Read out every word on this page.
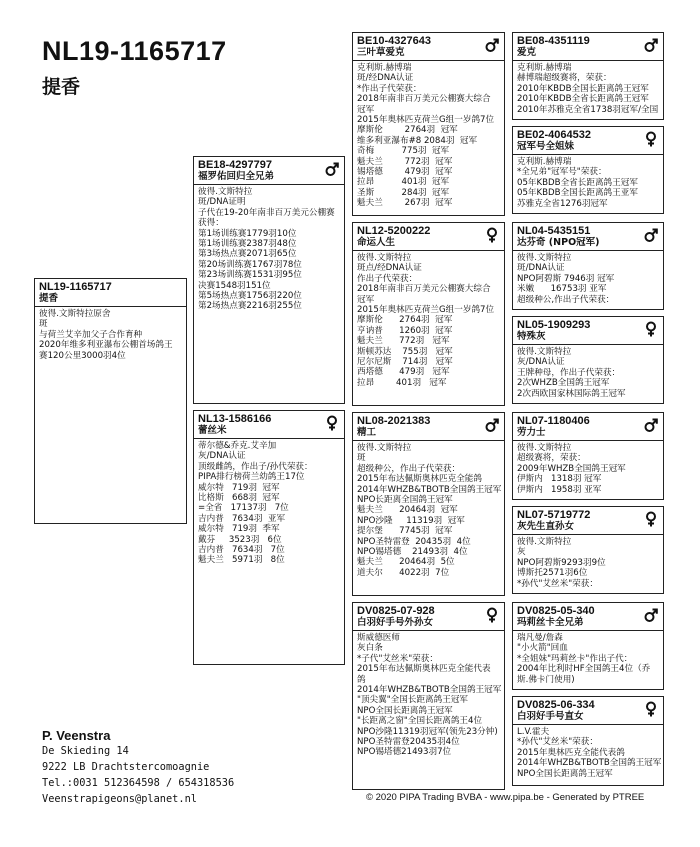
NL19-1165717
提香
NL19-1165717
提香
彼得.文斯特拉原舍
斑
与荷兰艾辛加父子合作育种
2020年维多利亚瀑布公棚首场鸽王
赛120公里3000羽4位
BE18-4297797
福罗佑回归全兄弟
彼得.文斯特拉
斑/DNA证明
子代在19-20年南非百万美元公棚赛
获得：
第1场训练赛1779羽10位
第1场训练赛2387羽48位
第3场热点赛2071羽65位
第20场训练赛1767羽78位
第23场训练赛1531羽95位
决赛1548羽151位
第5场热点赛1756羽220位
第2场热点赛2216羽255位
NL13-1586166
蕾丝米
蒂尔德&乔克.艾辛加
灰/DNA认证
顶级雌鸽，作出子/孙代荣获：
PIPA排行榜荷兰幼鸽王17位
威尔特   719羽  冠军
比格斯   668羽  冠军
=全省   17137羽   7位
吉内普   7634羽  亚军
威尔特   719羽  季军
戴芬     3523羽   6位
吉内普   7634羽   7位
魁夫兰   5971羽   8位
BE10-4327643
三叶草爱克
克利斯.赫博瑞
斑/经DNA认证
*作出子代荣获：
2018年南非百万美元公棚赛大综合
冠军
2015年奥林匹克荷兰G组一岁鸽7位
摩斯伦        2764羽  冠军
维多利亚瀑布#8 2084羽  冠军
奇梅          775羽  冠军
魁夫兰        772羽  冠军
锡塔德        479羽  冠军
拉昂          401羽  冠军
圣斯          284羽  冠军
魁夫兰        267羽  冠军
NL12-5200222
命运人生
彼得.文斯特拉
斑点/经DNA认证
作出子代荣获：
2018年南非百万美元公棚赛大综合
冠军
2015年奥林匹克荷兰G组一岁鸽7位
摩斯伦      2764羽  冠军
亨讷普      1260羽  冠军
魁夫兰      772羽   冠军
斯顿苏达    755羽   冠军
尼尔尼斯    714羽   冠军
西塔德      479羽   冠军
拉昂        401羽   冠军
NL08-2021383
精工
彼得.文斯特拉
斑
超级种公，作出子代荣获：
2015年布达佩斯奥林匹克全能鸽
2014年WHZB&TBOTB全国鸽王冠军
NPO长距离全国鸽王冠军
魁夫兰      20464羽  冠军
NPO沙隆     11319羽  冠军
提尔堡      7745羽  冠军
NPO圣特雷登  20435羽  4位
NPO锡塔德    21493羽  4位
魁夫兰      20464羽  5位
道夫尔      4022羽  7位
DV0825-07-928
白羽好手号外孙女
斯威德医师
灰白条
*子代"艾丝米"荣获：
2015年布达佩斯奥林匹克全能代表
鸽
2014年WHZB&TBOTB全国鸽王冠军
"顶尖翼"全国长距离鸽王冠军
NPO全国长距离鸽王冠军
"长距离之窗"全国长距离鸽王4位
NPO沙隆11319羽冠军(领先23分钟)
NPO圣特雷登20435羽4位
NPO锡塔德21493羽7位
BE08-4351119
爱克
克利斯.赫博瑞
赫博瑞超级赛将，荣获：
2010年KBDB全国长距离鸽王冠军
2010年KBDB全省长距离鸽王冠军
2010年苏雅克全省1738羽冠军/全国
BE02-4064532
冠军号全姐妹
克利斯.赫博瑞
*全兄弟"冠军号"荣获：
05年KBDB全省长距离鸽王冠军
05年KBDB全国长距离鸽王亚军
苏雅克全省1276羽冠军
NL04-5435151
达芬奇 (NPO冠军)
彼得.文斯特拉
斑/DNA认证
NPO阿碧斯 7946羽 冠军
米嫩      16753羽 亚军
超级种公,作出子代荣获：
NL05-1909293
特殊灰
彼得.文斯特拉
灰/DNA认证
王牌种母，作出子代荣获：
2次WHZB全国鸽王冠军
2次西欧国家林国际鸽王冠军
NL07-1180406
劳力士
彼得.文斯特拉
超级赛将，荣获：
2009年WHZB全国鸽王冠军
伊斯内   1318羽 冠军
伊斯内   1958羽 亚军
NL07-5719772
灰先生直孙女
彼得.文斯特拉
灰
NPO阿碧斯9293羽9位
博斯托2571羽6位
*孙代"艾丝米"荣获：
DV0825-05-340
玛莉丝卡全兄弟
瑞凡曼/詹森
"小火箭"回血
*全姐妹"玛莉丝卡"作出子代：
2004年比利时HF全国鸽王4位（乔
斯.佛卡门使用)
DV0825-06-334
白羽好手号直女
L.V.霍夫
*孙代"艾丝米"荣获：
2015年奥林匹克全能代表鸽
2014年WHZB&TBOTB全国鸽王冠军
NPO全国长距离鸽王冠军

P. Veenstra

De Skieding 14
9222 LB Drachtstercomoagnie
Tel.:0031 512364598 / 654318536
Veenstrapigeons@planet.nl	© 2020 PIPA Trading BVBA - www.pipa.be - Generated by PTREE
